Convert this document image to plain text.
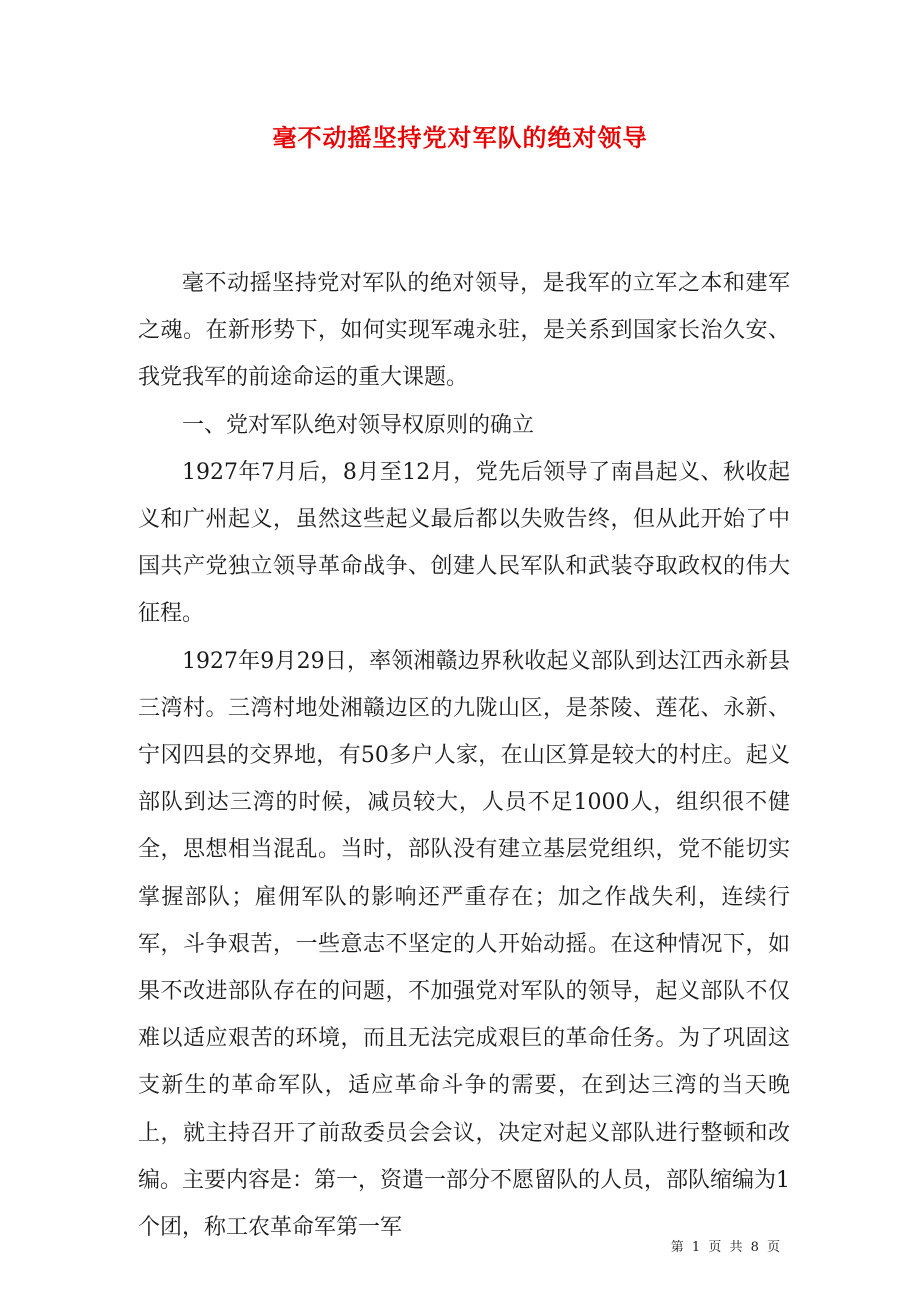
毫不动摇坚持党对军队的绝对领导

毫不动摇坚持党对军队的绝对领导，是我军的立军之本和建军之魂。在新形势下，如何实现军魂永驻，是关系到国家长治久安、我党我军的前途命运的重大课题。

一、党对军队绝对领导权原则的确立

1927年7月后，8月至12月，党先后领导了南昌起义、秋收起义和广州起义，虽然这些起义最后都以失败告终，但从此开始了中国共产党独立领导革命战争、创建人民军队和武装夺取政权的伟大征程。

1927年9月29日，率领湘赣边界秋收起义部队到达江西永新县三湾村。三湾村地处湘赣边区的九陇山区，是茶陵、莲花、永新、宁冈四县的交界地，有50多户人家，在山区算是较大的村庄。起义部队到达三湾的时候，减员较大，人员不足1000人，组织很不健全，思想相当混乱。当时，部队没有建立基层党组织，党不能切实掌握部队；雇佣军队的影响还严重存在；加之作战失利，连续行军，斗争艰苦，一些意志不坚定的人开始动摇。在这种情况下，如果不改进部队存在的问题，不加强党对军队的领导，起义部队不仅难以适应艰苦的环境，而且无法完成艰巨的革命任务。为了巩固这支新生的革命军队，适应革命斗争的需要，在到达三湾的当天晚上，就主持召开了前敌委员会会议，决定对起义部队进行整顿和改编。主要内容是：第一，资遣一部分不愿留队的人员，部队缩编为1个团，称工农革命军第一军

第 1 页 共 8 页
